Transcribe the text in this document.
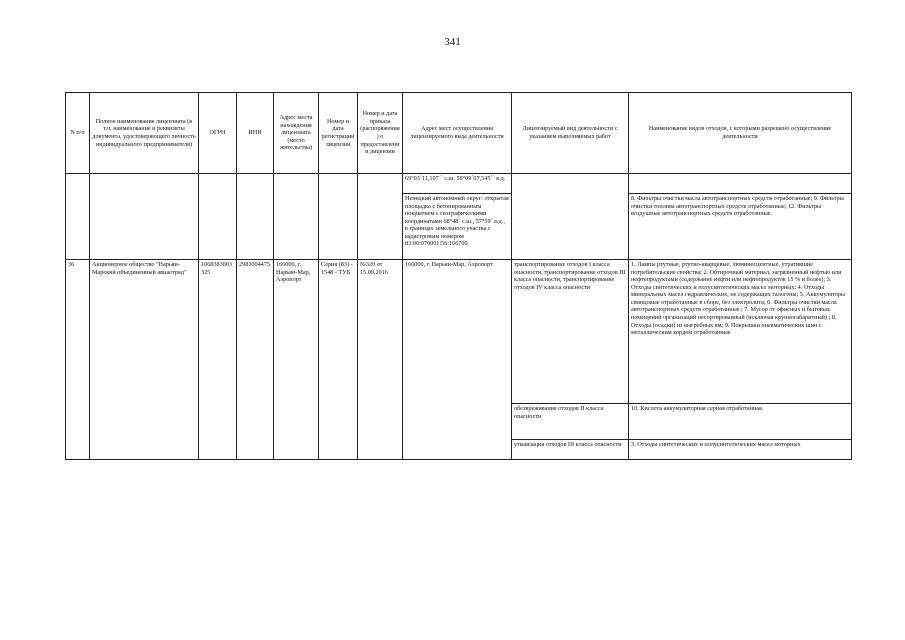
341
N п/п	Полное наименование лицензиата (в т.ч. наименование и реквизиты документа, удостоверяющего личность индивидуального предпринимателя)	ОГРН	ИНН	Адрес места нахождения лицензиата (место жительства)	Номер и дата регистрации лицензии	Номер и дата приказа (распоряжения) о предоставлении лицензии	Адрес мест осуществления лицензируемого вида деятельности	Лицензируемый вид деятельности с указанием выполняемых работ	Наименование видов отходов, с которыми разрешено осуществление деятельности
							69°03´11,107´´ с.ш. 58°09´07,545´´ в.д.		
							Ненецкий автономный округ: открытая площадка с бетонированным покрытием с географическими координатами 68°48´ с.ш., 57°59´ в.д., в границах земельного участка с кадастровым номером 83:00:070001:56:166700.		8. Фильтры очистки масла автотранспортных средств отработанные; 9. Фильтры очистки топлива автотранспортных средств отработанные; 12. Фильтры воздушные автотранспортных средств отработанные.
36	Акционерное общество "Нарьян-Марский объединенный авиаотряд"	1068383003325	2983004475	166000, г. Нарьян-Мар, Аэропорт	Серия (83) - 1548 - ТУБ	№320 от 15.09.2016	166000, г. Нарьян-Мар, Аэропорт	транспортирование отходов I класса опасности, транспортирование отходов III класса опасности, транспортирование отходов IV класса опасности	1. Лампы ртутные, ртутно-кварцевые, люминесцентные, утратившие потребительские свойства; 2. Обтирочный материал, загрязненный нефтью или нефтепродуктами (содержание нефти или нефтепродуктов 15 % и более); 3. Отходы синтетических и полусинтетических масел моторных; 4. Отходы минеральных масел гидравлических, не содержащих галогены; 5. Аккумуляторы свинцовые отработанные в сборе, без электролита; 6. Фильтры очистки масла автотранспортных средств отработанные ; 7. Мусор от офисных и бытовых помещений организаций несортированный (исключая крупногабаритный) ; 8. Отходы (осадки) из выгребных ям; 9. Покрышки пневматических шин с металлическим кордом отработанные
								обезвреживание отходов II класса опасности	10. Кислота аккумуляторная серная отработанная.
								утилизация отходов III класса опасности	3. Отходы синтетических и полусинтетических масел моторных
